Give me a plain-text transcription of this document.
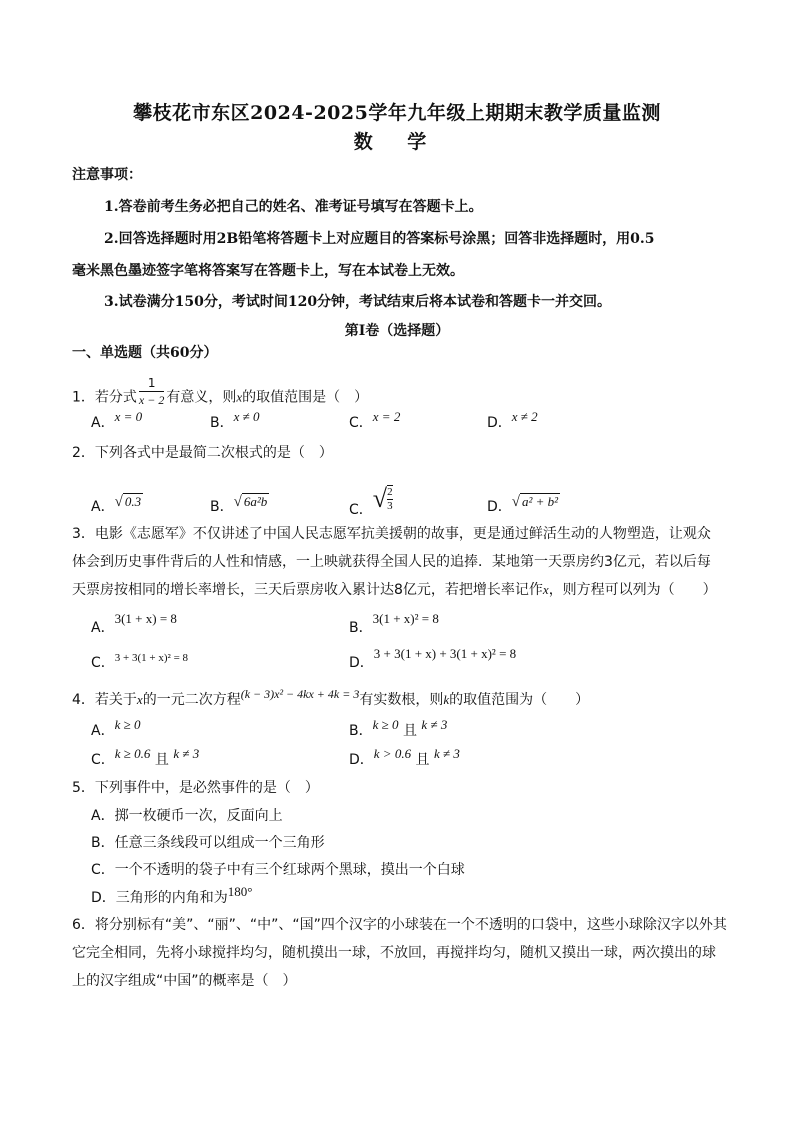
攀枝花市东区2024-2025学年九年级上期期末教学质量监测
数 学
注意事项：
1.答卷前考生务必把自己的姓名、准考证号填写在答题卡上。
2.回答选择题时用2B铅笔将答题卡上对应题目的答案标号涂黑；回答非选择题时，用0.5
毫米黑色墨迹签字笔将答案写在答题卡上，写在本试卷上无效。
3.试卷满分150分，考试时间120分钟，考试结束后将本试卷和答题卡一并交回。
第Ⅰ卷（选择题）
一、单选题（共60分）
1．若分式 $\frac{1}{x - 2}$ 有意义，则x的取值范围是（　）
A．x = 0	B．x ≠ 0	C．x = 2	D．x ≠ 2
2．下列各式中是最简二次根式的是（　）
A．√ 0.3	B．√ 6a²b
C．√ $\frac{2}{3}$	D．√ a² + b²
3．电影《志愿军》不仅讲述了中国人民志愿军抗美援朝的故事，更是通过鲜活生动的人物塑造，让观众
体会到历史事件背后的人性和情感，一上映就获得全国人民的追捧．某地第一天票房约3亿元，若以后每
天票房按相同的增长率增长，三天后票房收入累计达8亿元，若把增长率记作x，则方程可以列为（　　）
A．3(1 + x) = 8
B．3(1 + x)² = 8
C．$^{3 + 3(1 + x)^2 = 8}$	D．3 + 3(1 + x) + 3(1 + x)² = 8
4．若关于x的一元二次方程(k − 3)x² − 4kx + 4k = 3有实数根，则k的取值范围为（　　）
A．k ≥ 0	B．k ≥ 0 且 k ≠ 3
C．k ≥ 0.6 且 k ≠ 3	D．k > 0.6 且 k ≠ 3
5．下列事件中，是必然事件的是（　）
A．掷一枚硬币一次，反面向上
B．任意三条线段可以组成一个三角形
C．一个不透明的袋子中有三个红球两个黑球，摸出一个白球
D．三角形的内角和为180°
6．将分别标有“美”、“丽”、“中”、“国”四个汉字的小球装在一个不透明的口袋中，这些小球除汉字以外其
它完全相同，先将小球搅拌均匀，随机摸出一球，不放回，再搅拌均匀，随机又摸出一球，两次摸出的球
上的汉字组成“中国”的概率是（　）
